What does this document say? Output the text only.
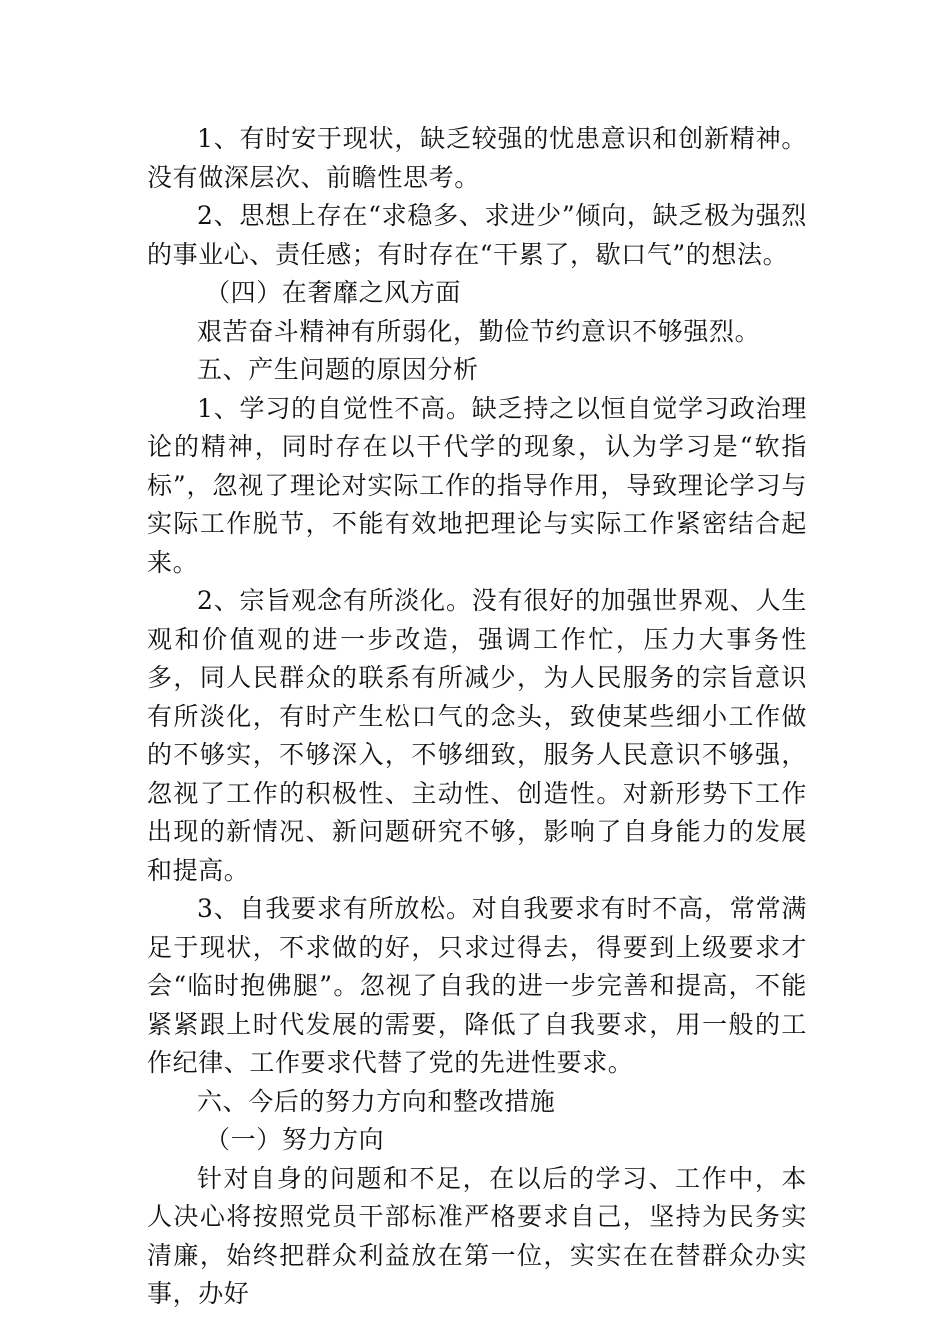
1、有时安于现状，缺乏较强的忧患意识和创新精神。没有做深层次、前瞻性思考。

2、思想上存在“求稳多、求进少”倾向，缺乏极为强烈的事业心、责任感；有时存在“干累了，歇口气”的想法。

（四）在奢靡之风方面

艰苦奋斗精神有所弱化，勤俭节约意识不够强烈。

五、产生问题的原因分析

1、学习的自觉性不高。缺乏持之以恒自觉学习政治理论的精神，同时存在以干代学的现象，认为学习是“软指标”，忽视了理论对实际工作的指导作用，导致理论学习与实际工作脱节，不能有效地把理论与实际工作紧密结合起来。

2、宗旨观念有所淡化。没有很好的加强世界观、人生观和价值观的进一步改造，强调工作忙，压力大事务性多，同人民群众的联系有所减少，为人民服务的宗旨意识有所淡化，有时产生松口气的念头，致使某些细小工作做的不够实，不够深入，不够细致，服务人民意识不够强，忽视了工作的积极性、主动性、创造性。对新形势下工作出现的新情况、新问题研究不够，影响了自身能力的发展和提高。

3、自我要求有所放松。对自我要求有时不高，常常满足于现状，不求做的好，只求过得去，得要到上级要求才会“临时抱佛腿”。忽视了自我的进一步完善和提高，不能紧紧跟上时代发展的需要，降低了自我要求，用一般的工作纪律、工作要求代替了党的先进性要求。

六、今后的努力方向和整改措施

（一）努力方向

针对自身的问题和不足，在以后的学习、工作中，本人决心将按照党员干部标准严格要求自己，坚持为民务实清廉，始终把群众利益放在第一位，实实在在替群众办实事，办好
